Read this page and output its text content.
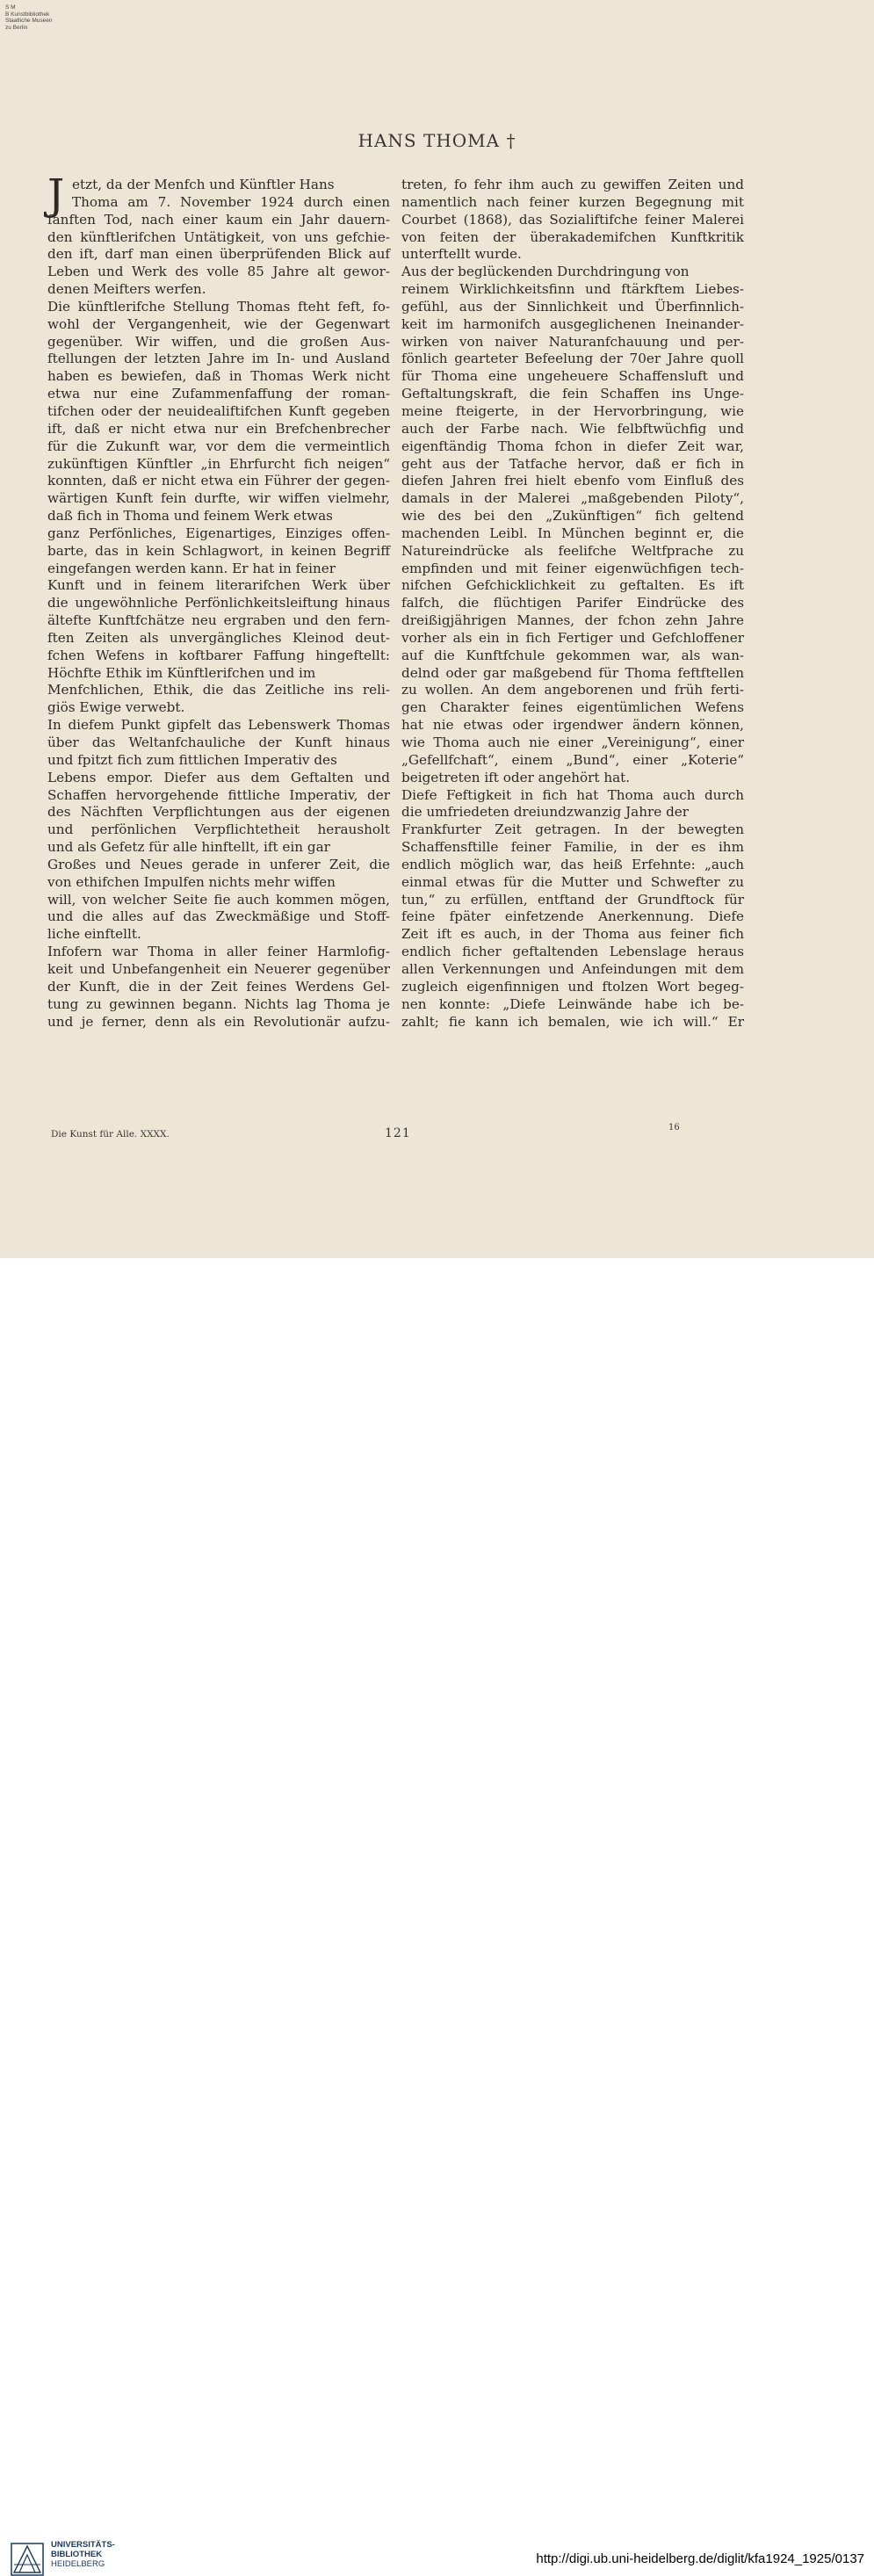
S M
B Kunstbibliothek
Staatliche Museen
zu Berlin
HANS THOMA †
J etzt, da der Menfch und Künftler Hans
Thoma am 7. November 1924 durch einen
fanften Tod, nach einer kaum ein Jahr dauern-
den künftlerifchen Untätigkeit, von uns gefchie-
den ift, darf man einen überprüfenden Blick auf
Leben und Werk des volle 85 Jahre alt gewor-
denen Meifters werfen.
Die künftlerifche Stellung Thomas fteht feft, fo-
wohl der Vergangenheit, wie der Gegenwart
gegenüber. Wir wiffen, und die großen Aus-
ftellungen der letzten Jahre im In- und Ausland
haben es bewiefen, daß in Thomas Werk nicht
etwa nur eine Zufammenfaffung der roman-
tifchen oder der neuidealiftifchen Kunft gegeben
ift, daß er nicht etwa nur ein Brefchenbrecher
für die Zukunft war, vor dem die vermeintlich
zukünftigen Künftler „in Ehrfurcht fich neigen“
konnten, daß er nicht etwa ein Führer der gegen-
wärtigen Kunft fein durfte, wir wiffen vielmehr,
daß fich in Thoma und feinem Werk etwas
ganz Perfönliches, Eigenartiges, Einziges offen-
barte, das in kein Schlagwort, in keinen Begriff
eingefangen werden kann. Er hat in feiner
Kunft und in feinem literarifchen Werk über
die ungewöhnliche Perfönlichkeitsleiftung hinaus
ältefte Kunftfchätze neu ergraben und den fern-
ften Zeiten als unvergängliches Kleinod deut-
fchen Wefens in koftbarer Faffung hingeftellt:
Höchfte Ethik im Künftlerifchen und im
Menfchlichen, Ethik, die das Zeitliche ins reli-
giös Ewige verwebt.
In diefem Punkt gipfelt das Lebenswerk Thomas
über das Weltanfchauliche der Kunft hinaus
und fpitzt fich zum fittlichen Imperativ des
Lebens empor. Diefer aus dem Geftalten und
Schaffen hervorgehende fittliche Imperativ, der
des Nächften Verpflichtungen aus der eigenen
und perfönlichen Verpflichtetheit herausholt
und als Gefetz für alle hinftellt, ift ein gar
Großes und Neues gerade in unferer Zeit, die
von ethifchen Impulfen nichts mehr wiffen
will, von welcher Seite fie auch kommen mögen,
und die alles auf das Zweckmäßige und Stoff-
liche einftellt.
Infofern war Thoma in aller feiner Harmlofig-
keit und Unbefangenheit ein Neuerer gegenüber
der Kunft, die in der Zeit feines Werdens Gel-
tung zu gewinnen begann. Nichts lag Thoma je
und je ferner, denn als ein Revolutionär aufzu-
treten, fo fehr ihm auch zu gewiffen Zeiten und
namentlich nach feiner kurzen Begegnung mit
Courbet (1868), das Sozialiftifche feiner Malerei
von feiten der überakademifchen Kunftkritik
unterftellt wurde.
Aus der beglückenden Durchdringung von
reinem Wirklichkeitsfinn und ftärkftem Liebes-
gefühl, aus der Sinnlichkeit und Überfinnlich-
keit im harmonifch ausgeglichenen Ineinander-
wirken von naiver Naturanfchauung und per-
fönlich gearteter Befeelung der 70er Jahre quoll
für Thoma eine ungeheuere Schaffensluft und
Geftaltungskraft, die fein Schaffen ins Unge-
meine fteigerte, in der Hervorbringung, wie
auch der Farbe nach. Wie felbftwüchfig und
eigenftändig Thoma fchon in diefer Zeit war,
geht aus der Tatfache hervor, daß er fich in
diefen Jahren frei hielt ebenfo vom Einfluß des
damals in der Malerei „maßgebenden Piloty“,
wie des bei den „Zukünftigen“ fich geltend
machenden Leibl. In München beginnt er, die
Natureindrücke als feelifche Weltfprache zu
empfinden und mit feiner eigenwüchfigen tech-
nifchen Gefchicklichkeit zu geftalten. Es ift
falfch, die flüchtigen Parifer Eindrücke des
dreißigjährigen Mannes, der fchon zehn Jahre
vorher als ein in fich Fertiger und Gefchloffener
auf die Kunftfchule gekommen war, als wan-
delnd oder gar maßgebend für Thoma feftftellen
zu wollen. An dem angeborenen und früh ferti-
gen Charakter feines eigentümlichen Wefens
hat nie etwas oder irgendwer ändern können,
wie Thoma auch nie einer „Vereinigung“, einer
„Gefellfchaft“, einem „Bund“, einer „Koterie“
beigetreten ift oder angehört hat.
Diefe Feftigkeit in fich hat Thoma auch durch
die umfriedeten dreiundzwanzig Jahre der
Frankfurter Zeit getragen. In der bewegten
Schaffensftille feiner Familie, in der es ihm
endlich möglich war, das heiß Erfehnte: „auch
einmal etwas für die Mutter und Schwefter zu
tun,“ zu erfüllen, entftand der Grundftock für
feine fpäter einfetzende Anerkennung. Diefe
Zeit ift es auch, in der Thoma aus feiner fich
endlich ficher geftaltenden Lebenslage heraus
allen Verkennungen und Anfeindungen mit dem
zugleich eigenfinnigen und ftolzen Wort begeg-
nen konnte: „Diefe Leinwände habe ich be-
zahlt; fie kann ich bemalen, wie ich will.“ Er
Die Kunst für Alle. XXXX.	121	16
UNIVERSITÄTS-
BIBLIOTHEK
HEIDELBERG	http://digi.ub.uni-heidelberg.de/diglit/kfa1924_1925/0137
